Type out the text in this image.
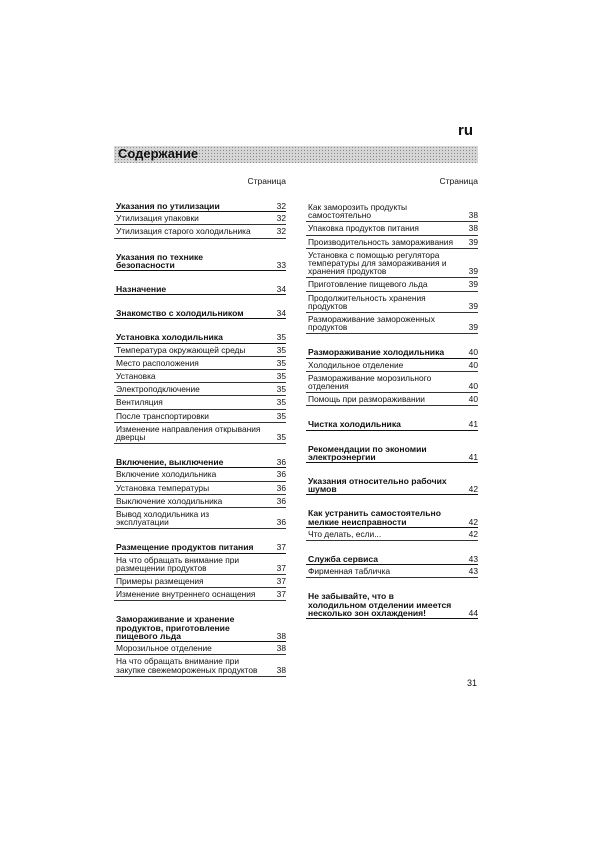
ru
Содержание
Страница
Указания по утилизации	32
Утилизация упаковки	32
Утилизация старого холодильника	32
Указания по технике безопасности	33
Назначение	34
Знакомство с холодильником	34
Установка холодильника	35
Температура окружающей среды	35
Место расположения	35
Установка	35
Электроподключение	35
Вентиляция	35
После транспортировки	35
Изменение направления открывания дверцы	35
Включение, выключение	36
Включение холодильника	36
Установка температуры	36
Выключение холодильника	36
Вывод холодильника из эксплуатации	36
Размещение продуктов питания	37
На что обращать внимание при размещении продуктов	37
Примеры размещения	37
Изменение внутреннего оснащения	37
Замораживание и хранение продуктов, приготовление пищевого льда	38
Морозильное отделение	38
На что обращать внимание при закупке свежемороженых продуктов	38
Страница
Как заморозить продукты самостоятельно	38
Упаковка продуктов питания	38
Производительность замораживания	39
Установка с помощью регулятора температуры для замораживания и хранения продуктов	39
Приготовление пищевого льда	39
Продолжительность хранения продуктов	39
Размораживание замороженных продуктов	39
Размораживание холодильника	40
Холодильное отделение	40
Размораживание морозильного отделения	40
Помощь при размораживании	40
Чистка холодильника	41
Рекомендации по экономии электроэнергии	41
Указания относительно рабочих шумов	42
Как устранить самостоятельно мелкие неисправности	42
Что делать, если...	42
Служба сервиса	43
Фирменная табличка	43
Не забывайте, что в холодильном отделении имеется несколько зон охлаждения!	44
31
